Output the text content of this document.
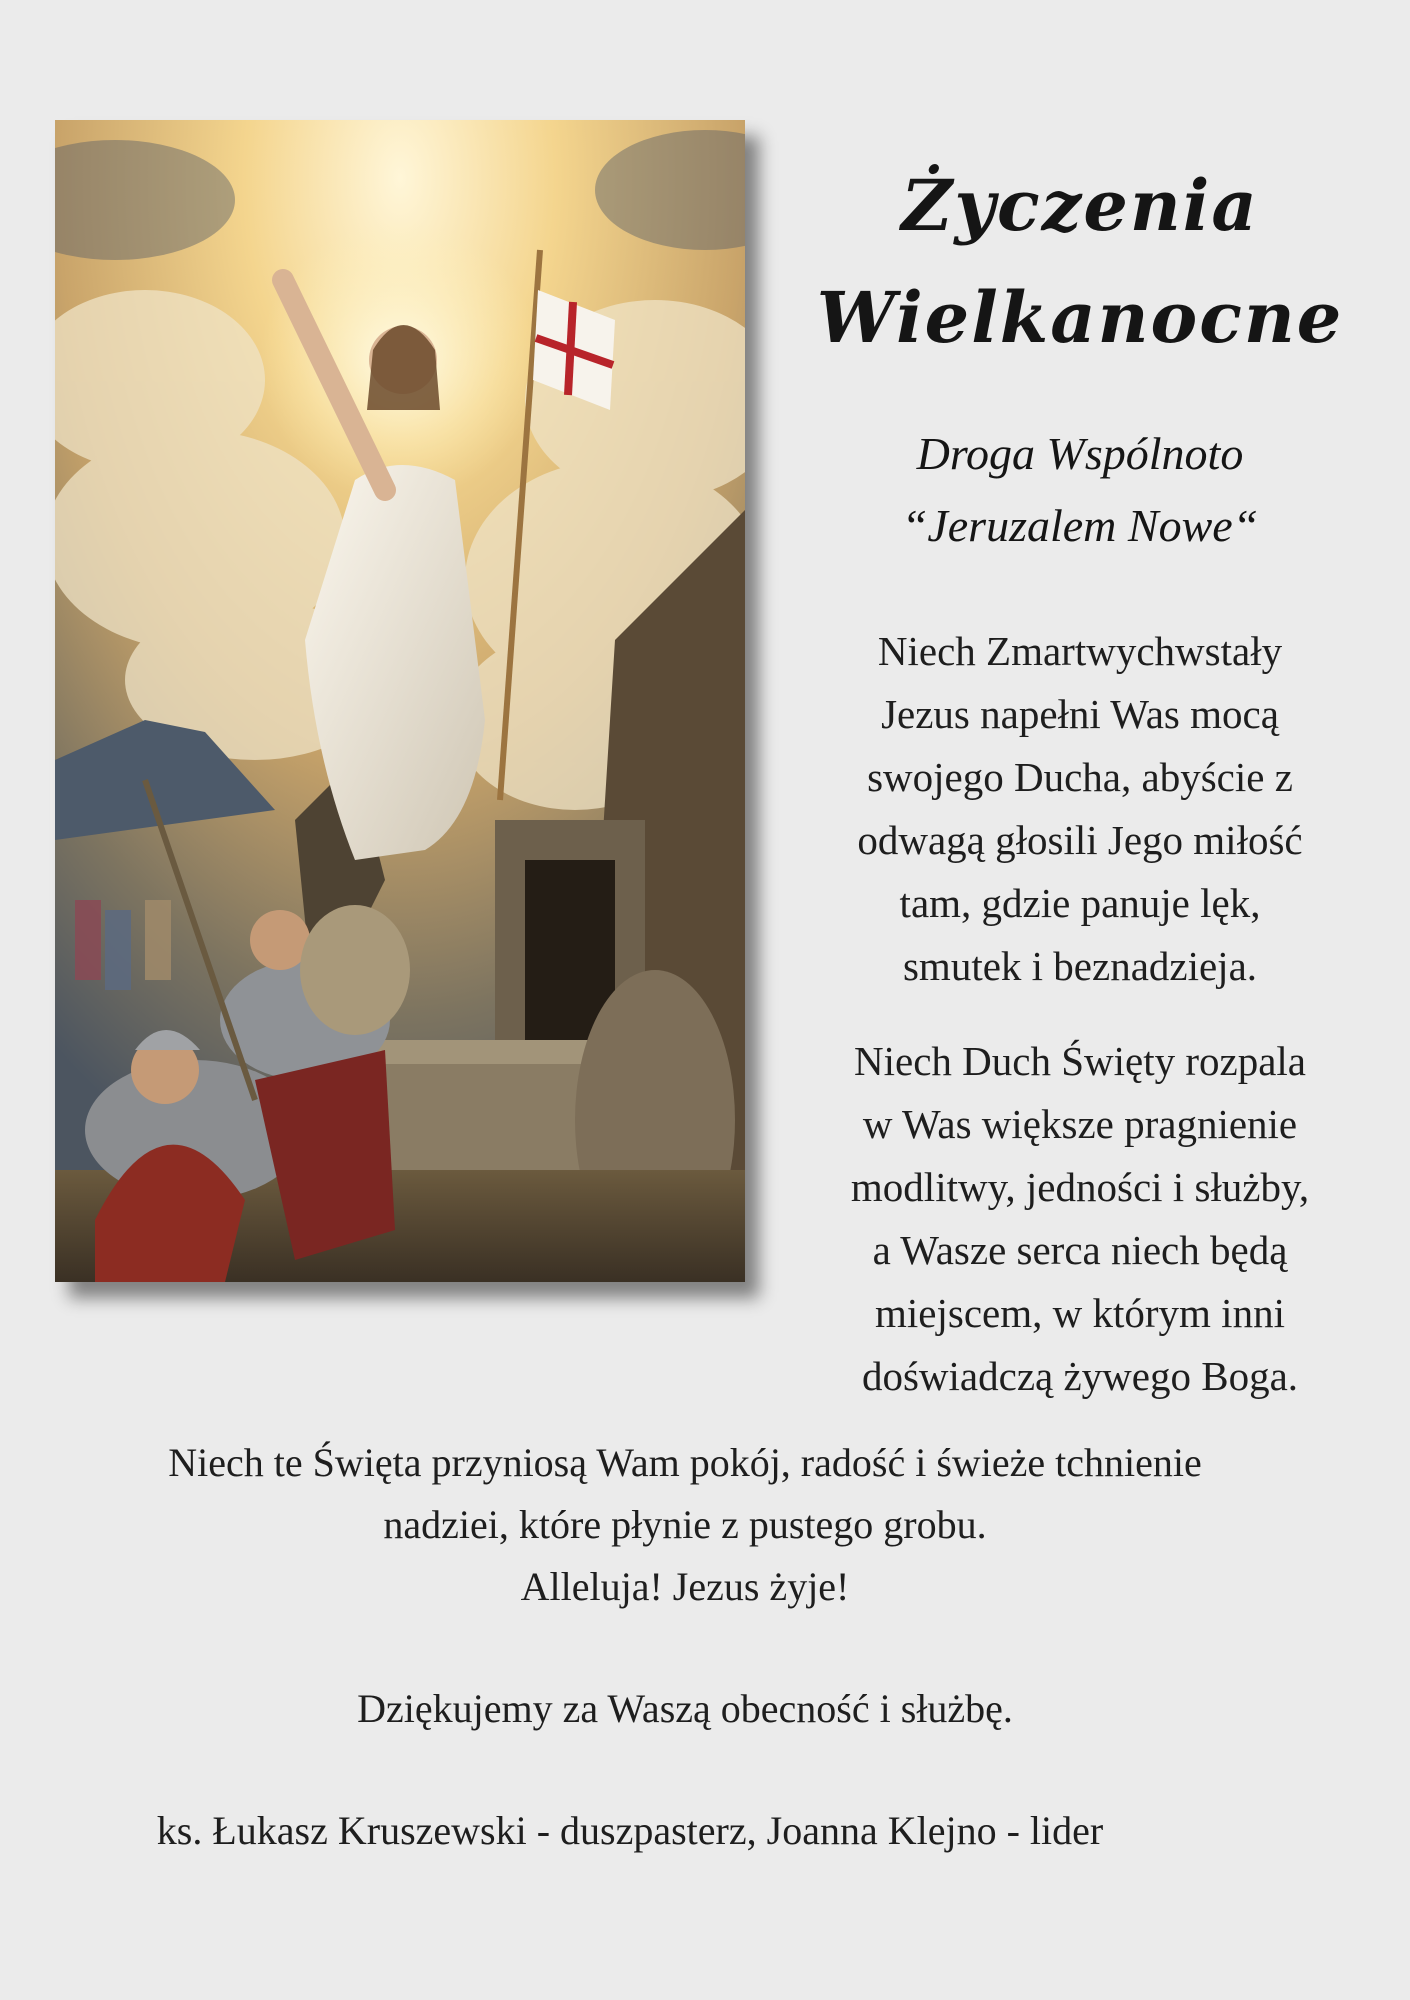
Życzenia
Wielkanocne
Droga Wspólnoto
“Jeruzalem Nowe“
Niech Zmartwychwstały
Jezus napełni Was mocą
swojego Ducha, abyście z
odwagą głosili Jego miłość
tam, gdzie panuje lęk,
smutek i beznadzieja.
Niech Duch Święty rozpala
w Was większe pragnienie
modlitwy, jedności i służby,
a Wasze serca niech będą
miejscem, w którym inni
doświadczą żywego Boga.
Niech te Święta przyniosą Wam pokój, radość i świeże tchnienie
nadziei, które płynie z pustego grobu.
Alleluja! Jezus żyje!
Dziękujemy za Waszą obecność i służbę.
ks. Łukasz Kruszewski - duszpasterz, Joanna Klejno - lider
